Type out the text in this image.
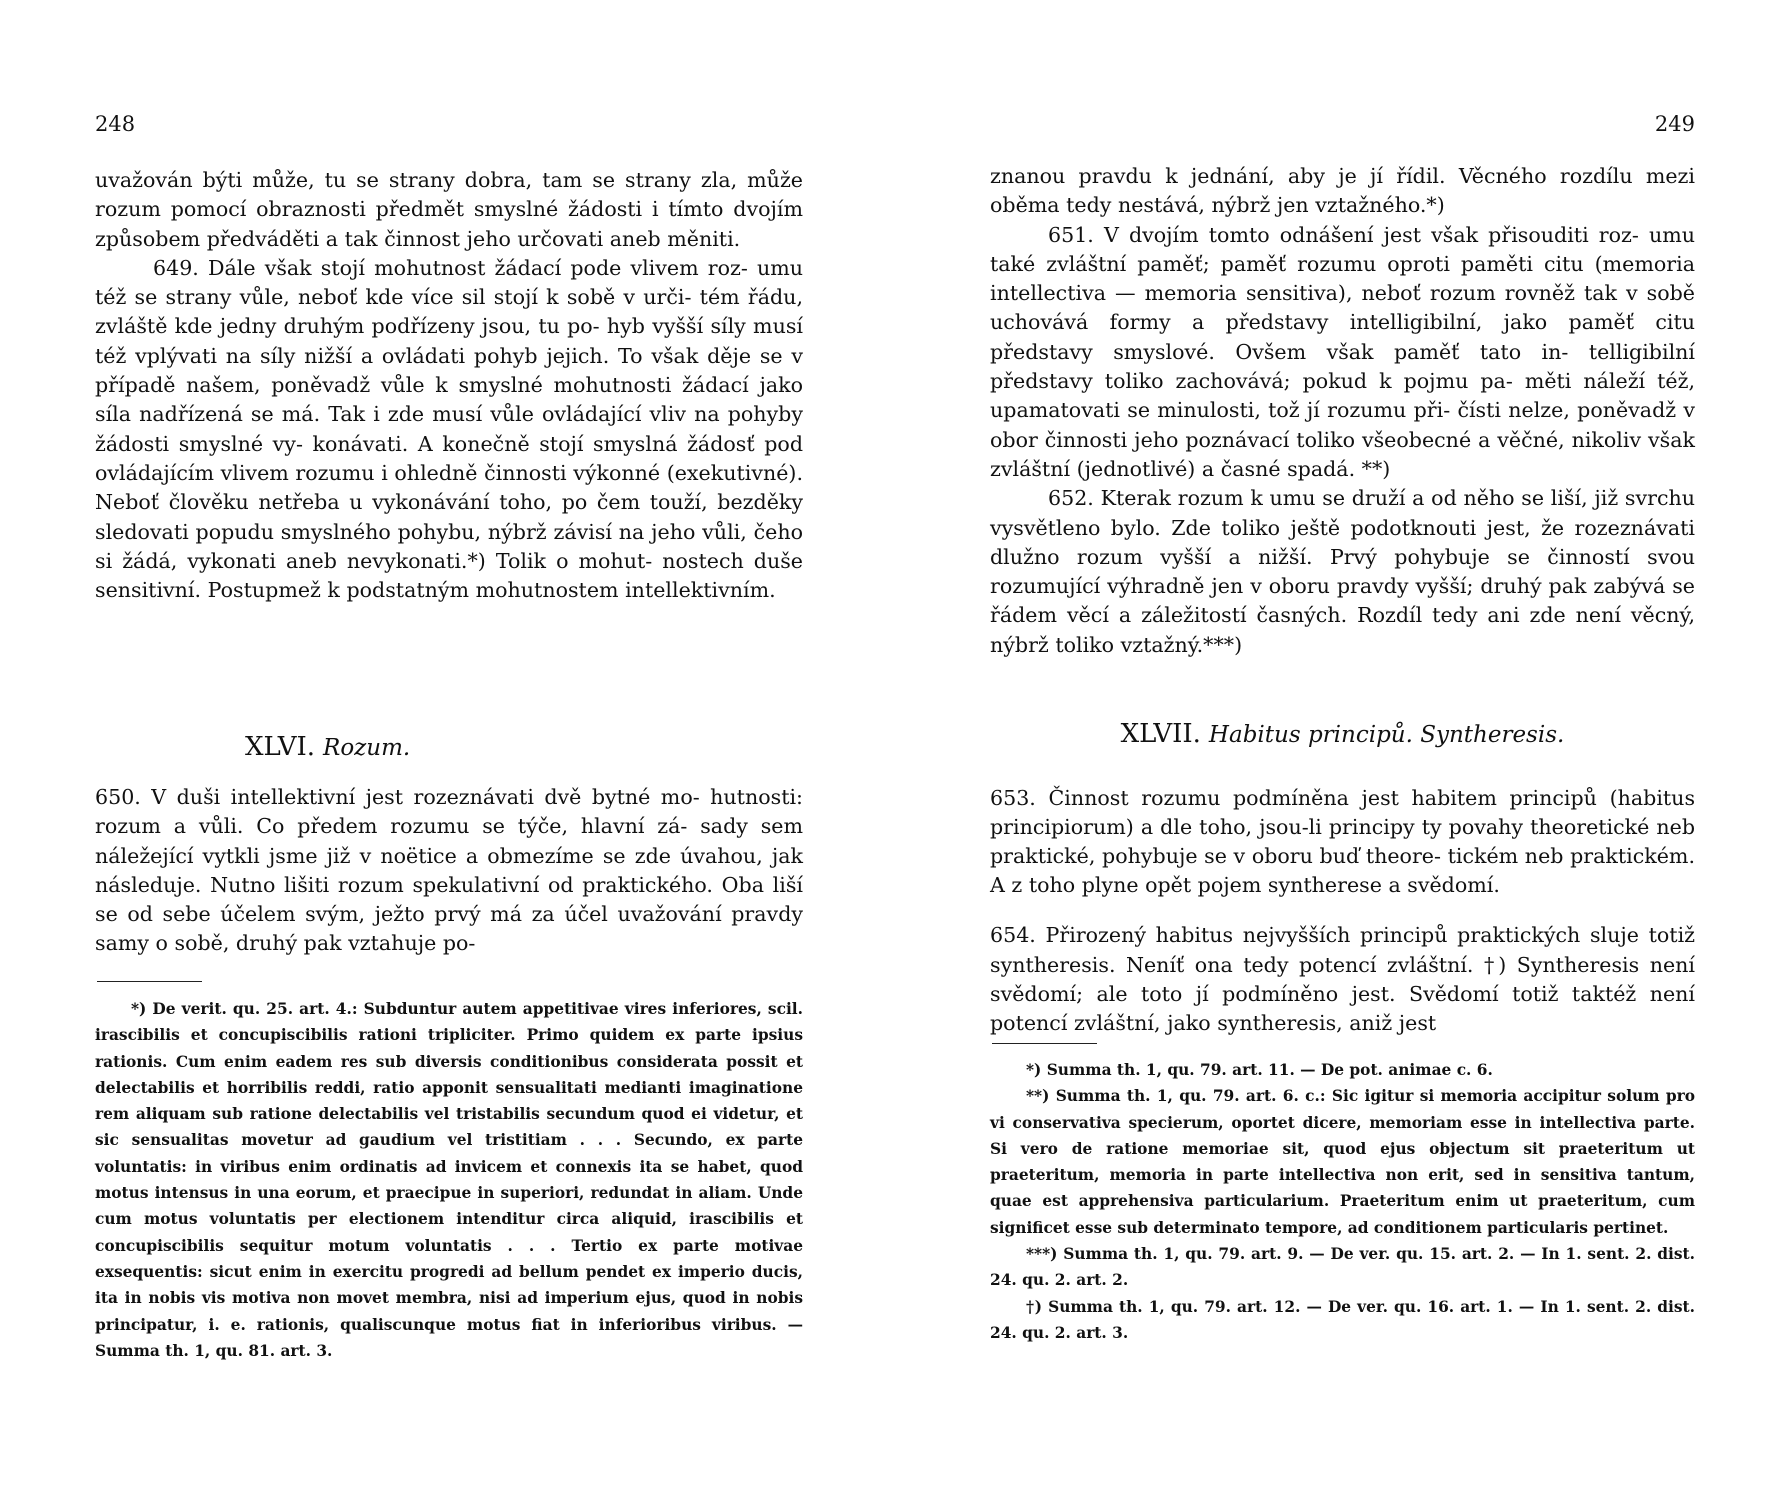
248

uvažován býti může, tu se strany dobra, tam se strany zla, může rozum pomocí obraznosti předmět smyslné žádosti i tímto dvojím způsobem předváděti a tak činnost jeho určovati aneb měniti.

649. Dále však stojí mohutnost žádací pode vlivem roz- umu též se strany vůle, neboť kde více sil stojí k sobě v urči- tém řádu, zvláště kde jedny druhým podřízeny jsou, tu po- hyb vyšší síly musí též vplývati na síly nižší a ovládati pohyb jejich. To však děje se v případě našem, poněvadž vůle k smyslné mohutnosti žádací jako síla nadřízená se má. Tak i zde musí vůle ovládající vliv na pohyby žádosti smyslné vy- konávati. A konečně stojí smyslná žádosť pod ovládajícím vlivem rozumu i ohledně činnosti výkonné (exekutivné). Neboť člověku netřeba u vykonávání toho, po čem touží, bezděky sledovati popudu smyslného pohybu, nýbrž závisí na jeho vůli, čeho si žádá, vykonati aneb nevykonati.*) Tolik o mohut- nostech duše sensitivní. Postupmež k podstatným mohutnostem intellektivním.

XLVI. Rozum.

650. V duši intellektivní jest rozeznávati dvě bytné mo- hutnosti: rozum a vůli. Co předem rozumu se týče, hlavní zá- sady sem náležející vytkli jsme již v noëtice a obmezíme se zde úvahou, jak následuje. Nutno lišiti rozum spekulativní od praktického. Oba liší se od sebe účelem svým, ježto prvý má za účel uvažování pravdy samy o sobě, druhý pak vztahuje po-

*) De verit. qu. 25. art. 4.: Subduntur autem appetitivae vires inferiores, scil. irascibilis et concupiscibilis rationi tripliciter. Primo quidem ex parte ipsius rationis. Cum enim eadem res sub diversis conditionibus considerata possit et delectabilis et horribilis reddi, ratio apponit sensualitati medianti imaginatione rem aliquam sub ratione delectabilis vel tristabilis secundum quod ei videtur, et sic sensualitas movetur ad gaudium vel tristitiam . . . Secundo, ex parte voluntatis: in viribus enim ordinatis ad invicem et connexis ita se habet, quod motus intensus in una eorum, et praecipue in superiori, redundat in aliam. Unde cum motus voluntatis per electionem intenditur circa aliquid, irascibilis et concupiscibilis sequitur motum voluntatis . . . Tertio ex parte motivae exsequentis: sicut enim in exercitu progredi ad bellum pendet ex imperio ducis, ita in nobis vis motiva non movet membra, nisi ad imperium ejus, quod in nobis principatur, i. e. rationis, qualiscunque motus fiat in inferioribus viribus. — Summa th. 1, qu. 81. art. 3.

249

znanou pravdu k jednání, aby je jí řídil. Věcného rozdílu mezi oběma tedy nestává, nýbrž jen vztažného.*)

651. V dvojím tomto odnášení jest však přisouditi roz- umu také zvláštní paměť; paměť rozumu oproti paměti citu (memoria intellectiva — memoria sensitiva), neboť rozum rovněž tak v sobě uchovává formy a představy intelligibilní, jako paměť citu představy smyslové. Ovšem však paměť tato in- telligibilní představy toliko zachovává; pokud k pojmu pa- měti náleží též, upamatovati se minulosti, tož jí rozumu při- čísti nelze, poněvadž v obor činnosti jeho poznávací toliko všeobecné a věčné, nikoliv však zvláštní (jednotlivé) a časné spadá. **)

652. Kterak rozum k umu se druží a od něho se liší, již svrchu vysvětleno bylo. Zde toliko ještě podotknouti jest, že rozeznávati dlužno rozum vyšší a nižší. Prvý pohybuje se činností svou rozumující výhradně jen v oboru pravdy vyšší; druhý pak zabývá se řádem věcí a záležitostí časných. Rozdíl tedy ani zde není věcný, nýbrž toliko vztažný.***)

XLVII. Habitus principů. Syntheresis.

653. Činnost rozumu podmíněna jest habitem principů (habitus principiorum) a dle toho, jsou-li principy ty povahy theoretické neb praktické, pohybuje se v oboru buď theore- tickém neb praktickém. A z toho plyne opět pojem syntherese a svědomí.

654. Přirozený habitus nejvyšších principů praktických sluje totiž syntheresis. Neníť ona tedy potencí zvláštní. †) Syntheresis není svědomí; ale toto jí podmíněno jest. Svědomí totiž taktéž není potencí zvláštní, jako syntheresis, aniž jest

*) Summa th. 1, qu. 79. art. 11. — De pot. animae c. 6.

**) Summa th. 1, qu. 79. art. 6. c.: Sic igitur si memoria accipitur solum pro vi conservativa specierum, oportet dicere, memoriam esse in intellectiva parte. Si vero de ratione memoriae sit, quod ejus objectum sit praeteritum ut praeteritum, memoria in parte intellectiva non erit, sed in sensitiva tantum, quae est apprehensiva particularium. Praeteritum enim ut praeteritum, cum significet esse sub determinato tempore, ad conditionem particularis pertinet.

***) Summa th. 1, qu. 79. art. 9. — De ver. qu. 15. art. 2. — In 1. sent. 2. dist. 24. qu. 2. art. 2.

†) Summa th. 1, qu. 79. art. 12. — De ver. qu. 16. art. 1. — In 1. sent. 2. dist. 24. qu. 2. art. 3.
